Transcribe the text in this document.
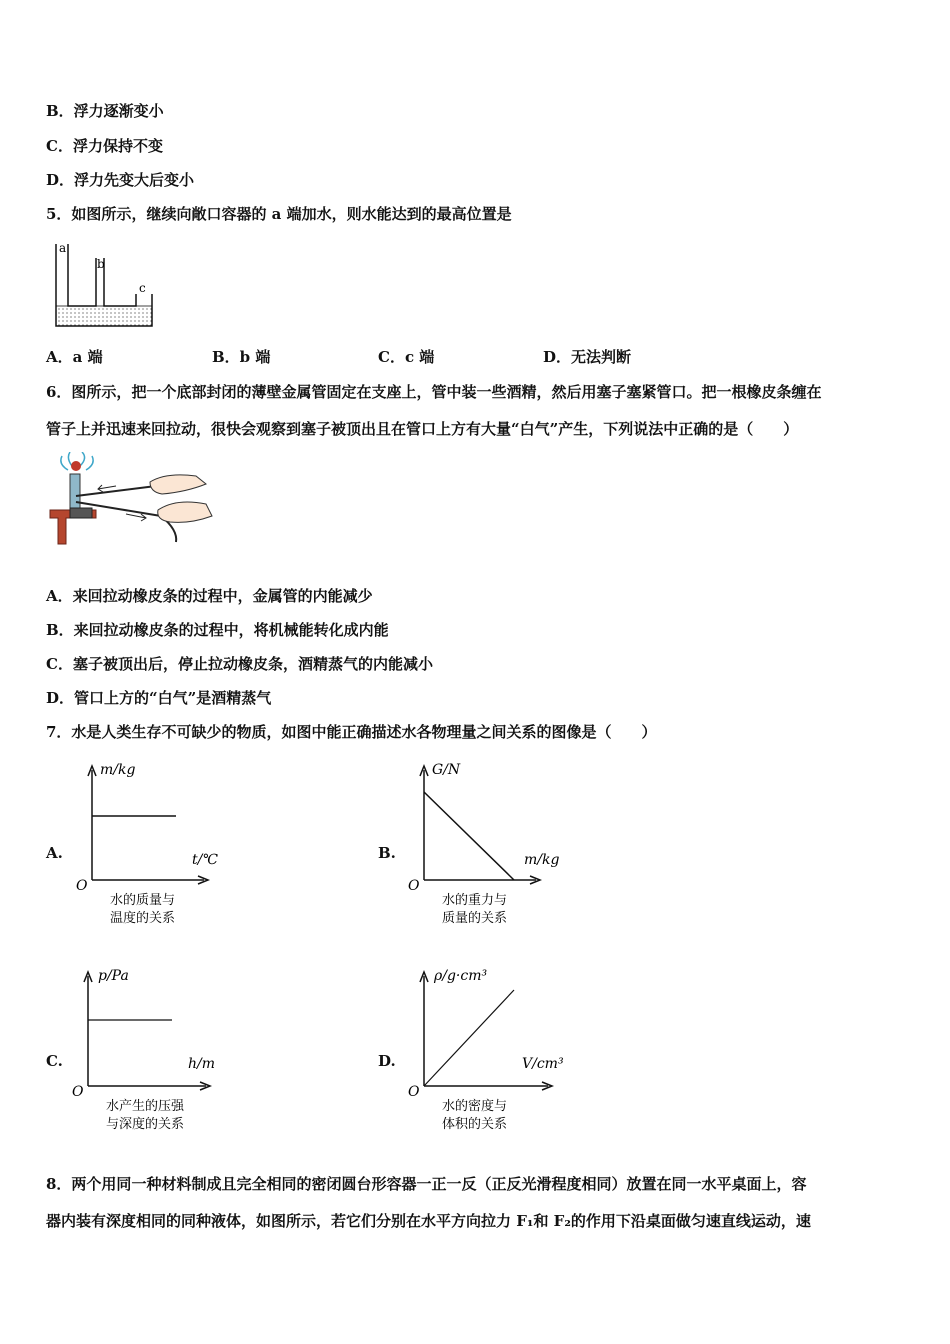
B．浮力逐渐变小
C．浮力保持不变
D．浮力先变大后变小
5．如图所示，继续向敞口容器的 a 端加水，则水能达到的最高位置是
a
b
c
A．a 端	B．b 端	C．c 端	D．无法判断
6．图所示，把一个底部封闭的薄壁金属管固定在支座上，管中装一些酒精，然后用塞子塞紧管口。把一根橡皮条缠在
管子上并迅速来回拉动，很快会观察到塞子被顶出且在管口上方有大量“白气”产生，下列说法中正确的是（　　）
A．来回拉动橡皮条的过程中，金属管的内能减少
B．来回拉动橡皮条的过程中，将机械能转化成内能
C．塞子被顶出后，停止拉动橡皮条，酒精蒸气的内能减小
D．管口上方的“白气”是酒精蒸气
7．水是人类生存不可缺少的物质，如图中能正确描述水各物理量之间关系的图像是（　　）
A.
m/kg
t/℃
O
水的质量与
温度的关系
B.
G/N
m/kg
O
水的重力与
质量的关系
C.
p/Pa
h/m
O
水产生的压强
与深度的关系
D.
ρ/g·cm³
V/cm³
O
水的密度与
体积的关系
8．两个用同一种材料制成且完全相同的密闭圆台形容器一正一反（正反光滑程度相同）放置在同一水平桌面上，容
器内装有深度相同的同种液体，如图所示，若它们分别在水平方向拉力 F₁和 F₂的作用下沿桌面做匀速直线运动，速
